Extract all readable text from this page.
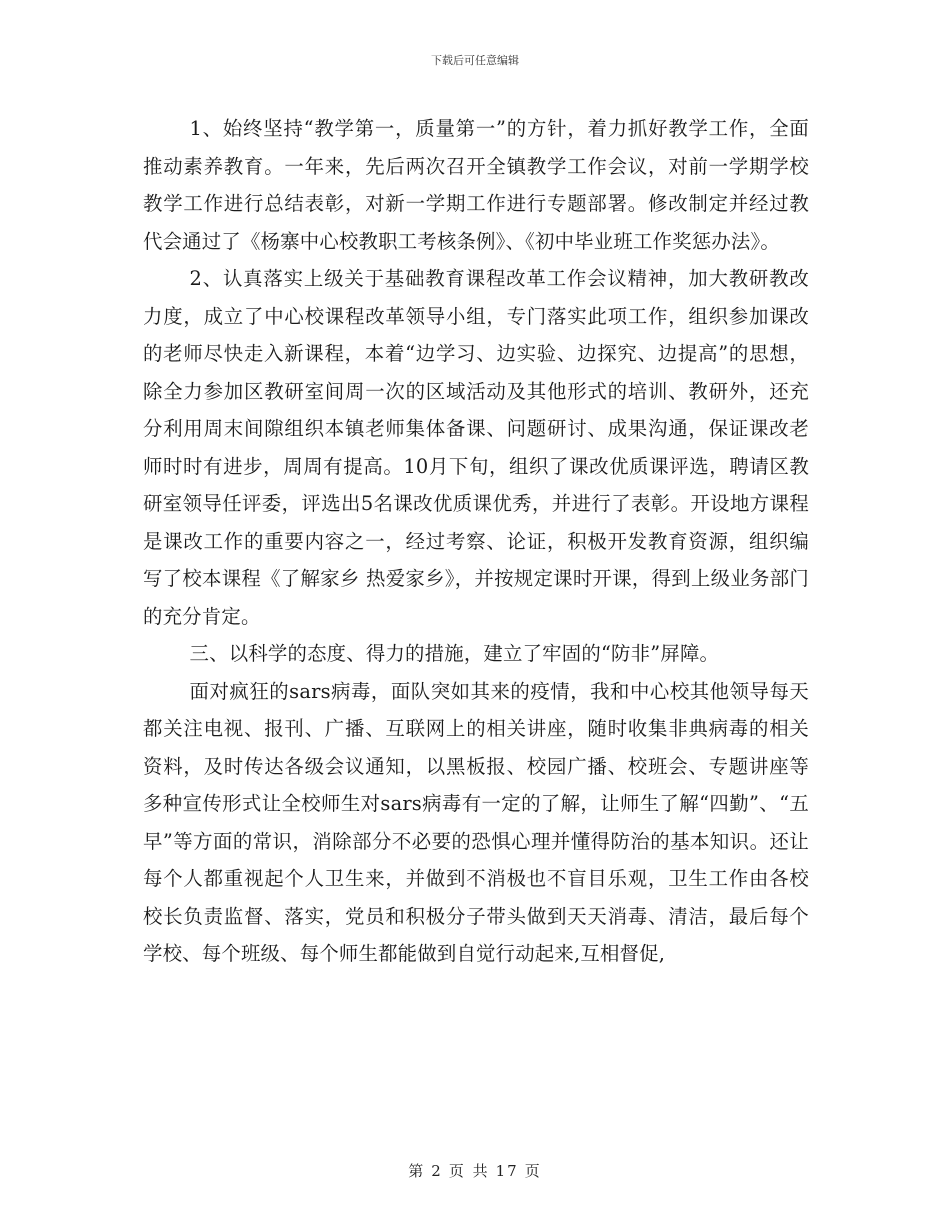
下载后可任意编辑

1、始终坚持“教学第一，质量第一”的方针，着力抓好教学工作，全面推动素养教育。一年来，先后两次召开全镇教学工作会议，对前一学期学校教学工作进行总结表彰，对新一学期工作进行专题部署。修改制定并经过教代会通过了《杨寨中心校教职工考核条例》、《初中毕业班工作奖惩办法》。

2、认真落实上级关于基础教育课程改革工作会议精神，加大教研教改力度，成立了中心校课程改革领导小组，专门落实此项工作，组织参加课改的老师尽快走入新课程，本着“边学习、边实验、边探究、边提高”的思想，除全力参加区教研室间周一次的区域活动及其他形式的培训、教研外，还充分利用周末间隙组织本镇老师集体备课、问题研讨、成果沟通，保证课改老师时时有进步，周周有提高。10月下旬，组织了课改优质课评选，聘请区教研室领导任评委，评选出5名课改优质课优秀，并进行了表彰。开设地方课程是课改工作的重要内容之一，经过考察、论证，积极开发教育资源，组织编写了校本课程《了解家乡 热爱家乡》，并按规定课时开课，得到上级业务部门的充分肯定。

三、以科学的态度、得力的措施，建立了牢固的“防非”屏障。

面对疯狂的sars病毒，面队突如其来的疫情，我和中心校其他领导每天都关注电视、报刊、广播、互联网上的相关讲座，随时收集非典病毒的相关资料，及时传达各级会议通知，以黑板报、校园广播、校班会、专题讲座等多种宣传形式让全校师生对sars病毒有一定的了解，让师生了解“四勤”、“五早”等方面的常识，消除部分不必要的恐惧心理并懂得防治的基本知识。还让每个人都重视起个人卫生来，并做到不消极也不盲目乐观，卫生工作由各校校长负责监督、落实，党员和积极分子带头做到天天消毒、清洁，最后每个学校、每个班级、每个师生都能做到自觉行动起来,互相督促,

第 2 页 共 17 页
